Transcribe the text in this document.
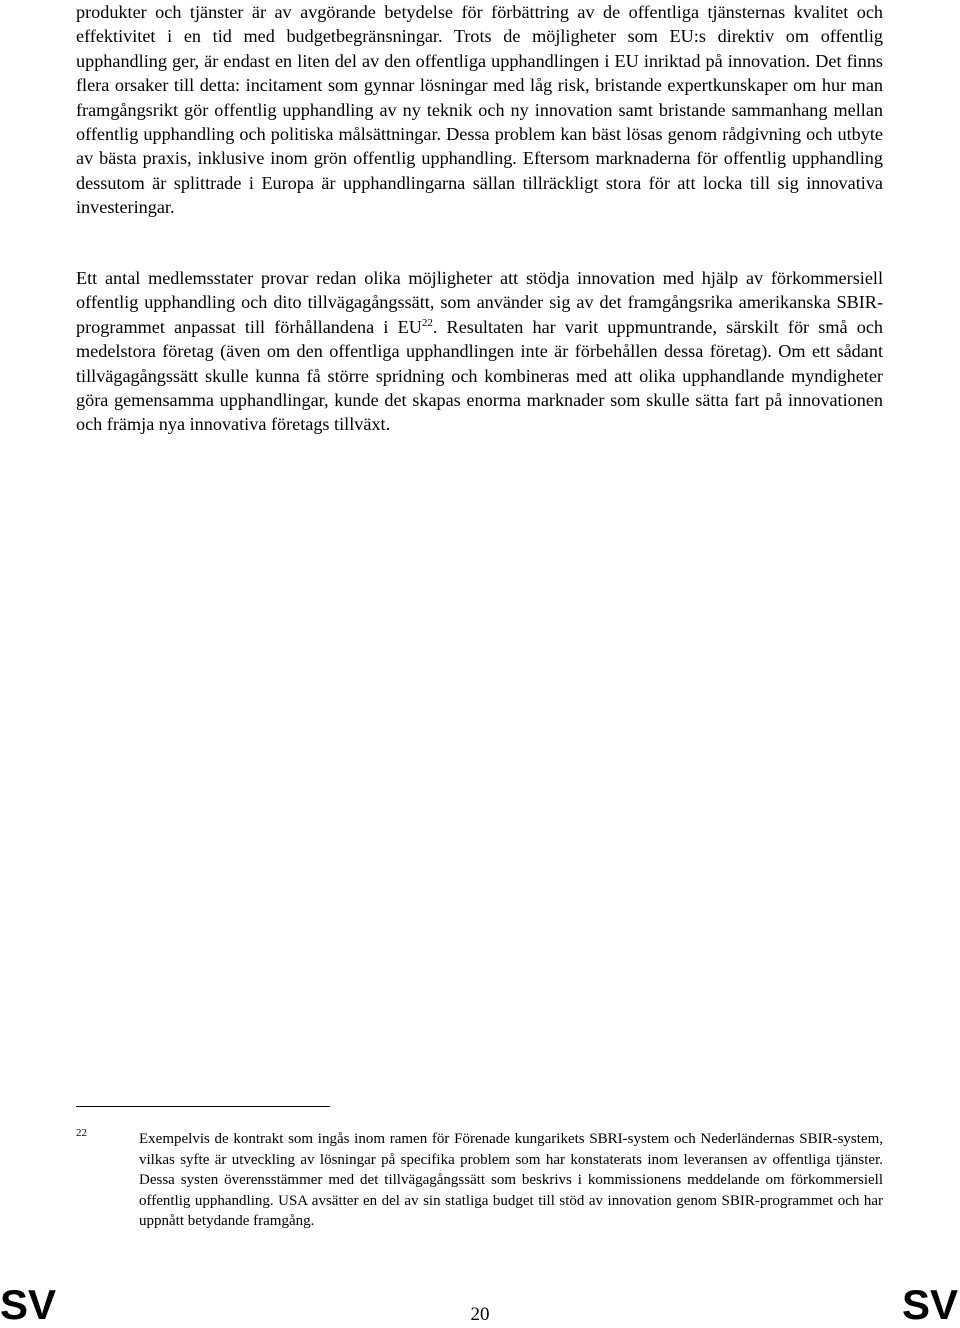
produkter och tjänster är av avgörande betydelse för förbättring av de offentliga tjänsternas kvalitet och effektivitet i en tid med budgetbegränsningar. Trots de möjligheter som EU:s direktiv om offentlig upphandling ger, är endast en liten del av den offentliga upphandlingen i EU inriktad på innovation. Det finns flera orsaker till detta: incitament som gynnar lösningar med låg risk, bristande expertkunskaper om hur man framgångsrikt gör offentlig upphandling av ny teknik och ny innovation samt bristande sammanhang mellan offentlig upphandling och politiska målsättningar. Dessa problem kan bäst lösas genom rådgivning och utbyte av bästa praxis, inklusive inom grön offentlig upphandling. Eftersom marknaderna för offentlig upphandling dessutom är splittrade i Europa är upphandlingarna sällan tillräckligt stora för att locka till sig innovativa investeringar.

Ett antal medlemsstater provar redan olika möjligheter att stödja innovation med hjälp av förkommersiell offentlig upphandling och dito tillvägagångssätt, som använder sig av det framgångsrika amerikanska SBIR-programmet anpassat till förhållandena i EU$^{22}$. Resultaten har varit uppmuntrande, särskilt för små och medelstora företag (även om den offentliga upphandlingen inte är förbehållen dessa företag). Om ett sådant tillvägagångssätt skulle kunna få större spridning och kombineras med att olika upphandlande myndigheter göra gemensamma upphandlingar, kunde det skapas enorma marknader som skulle sätta fart på innovationen och främja nya innovativa företags tillväxt.

22	Exempelvis de kontrakt som ingås inom ramen för Förenade kungarikets SBRI-system och Nederländernas SBIR-system, vilkas syfte är utveckling av lösningar på specifika problem som har konstaterats inom leveransen av offentliga tjänster. Dessa systen överensstämmer med det tillvägagångssätt som beskrivs i kommissionens meddelande om förkommersiell offentlig upphandling. USA avsätter en del av sin statliga budget till stöd av innovation genom SBIR-programmet och har uppnått betydande framgång.

SV	20	SV
